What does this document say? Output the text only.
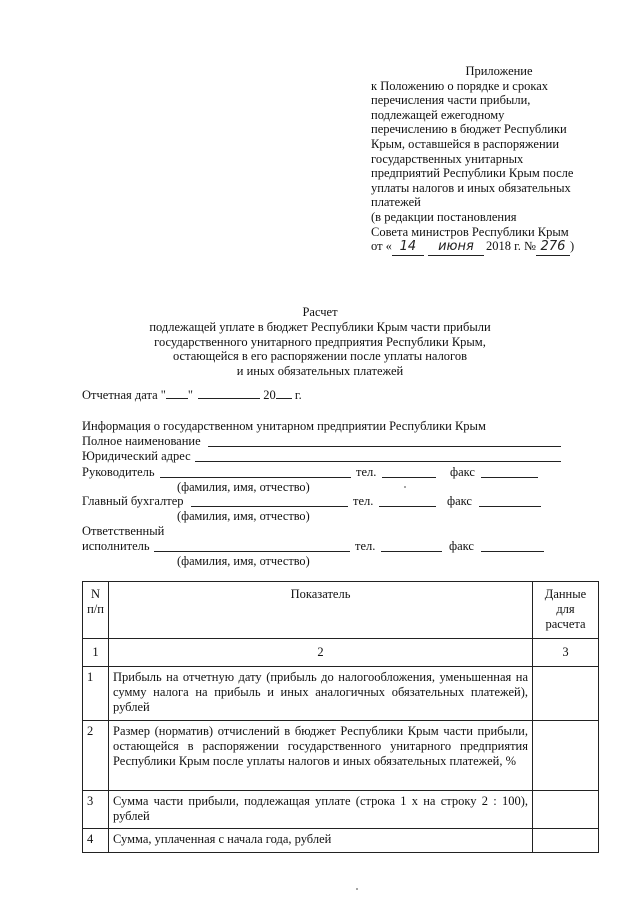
Приложение
к Положению о порядке и сроках
перечисления части прибыли,
подлежащей ежегодному
перечислению в бюджет Республики
Крым, оставшейся в распоряжении
государственных унитарных
предприятий Республики Крым после
уплаты налогов и иных обязательных
платежей
(в редакции постановления
Совета министров Республики Крым
от « 14 июня 2018 г. № 276 )
Расчет
подлежащей уплате в бюджет Республики Крым части прибыли
государственного унитарного предприятия Республики Крым,
остающейся в его распоряжении после уплаты налогов
и иных обязательных платежей
Отчетная дата " "	20 г.
Информация о государственном унитарном предприятии Республики Крым
Полное наименование
Юридический адрес
Руководитель	тел.	факс
(фамилия, имя, отчество)
Главный бухгалтер	тел.	факс
(фамилия, имя, отчество)
Ответственный
исполнитель	тел.	факс
(фамилия, имя, отчество)
N п/п	Показатель	Данные для расчета
1	2	3
1	Прибыль на отчетную дату (прибыль до налогообложения, уменьшенная на сумму налога на прибыль и иных аналогичных обязательных платежей), рублей	
2	Размер (норматив) отчислений в бюджет Республики Крым части прибыли, остающейся в распоряжении государственного унитарного предприятия Республики Крым после уплаты налогов и иных обязательных платежей, %	
3	Сумма части прибыли, подлежащая уплате (строка 1 x на строку 2 : 100), рублей	
4	Сумма, уплаченная с начала года, рублей	
